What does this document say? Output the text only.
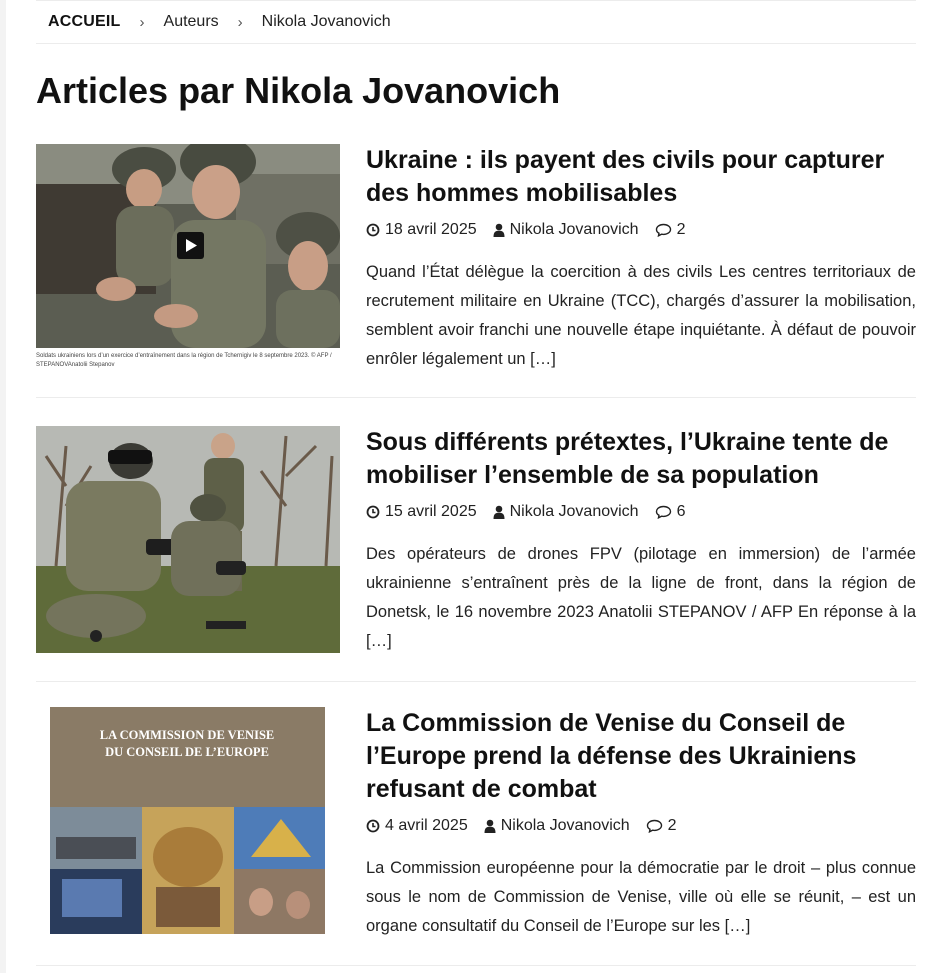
ACCUEIL › Auteurs › Nikola Jovanovich
Articles par Nikola Jovanovich
Soldats ukrainiens lors d’un exercice d’entraînement dans la région de Tchernigiv le 8 septembre 2023. © AFP / STEPANOVAnatolii Stepanov
Ukraine : ils payent des civils pour capturer des hommes mobilisables
18 avril 2025 Nikola Jovanovich 2

Quand l’État délègue la coercition à des civils Les centres territoriaux de recrutement militaire en Ukraine (TCC), chargés d’assurer la mobilisation, semblent avoir franchi une nouvelle étape inquiétante. À défaut de pouvoir enrôler légalement un […]

Sous différents prétextes, l’Ukraine tente de mobiliser l’ensemble de sa population
15 avril 2025 Nikola Jovanovich 6

Des opérateurs de drones FPV (pilotage en immersion) de l’armée ukrainienne s’entraînent près de la ligne de front, dans la région de Donetsk, le 16 novembre 2023 Anatolii STEPANOV / AFP En réponse à la […]

LA COMMISSION DE VENISE
DU CONSEIL DE L’EUROPE
La Commission de Venise du Conseil de l’Europe prend la défense des Ukrainiens refusant de combat
4 avril 2025 Nikola Jovanovich 2

La Commission européenne pour la démocratie par le droit – plus connue sous le nom de Commission de Venise, ville où elle se réunit, – est un organe consultatif du Conseil de l’Europe sur les […]
